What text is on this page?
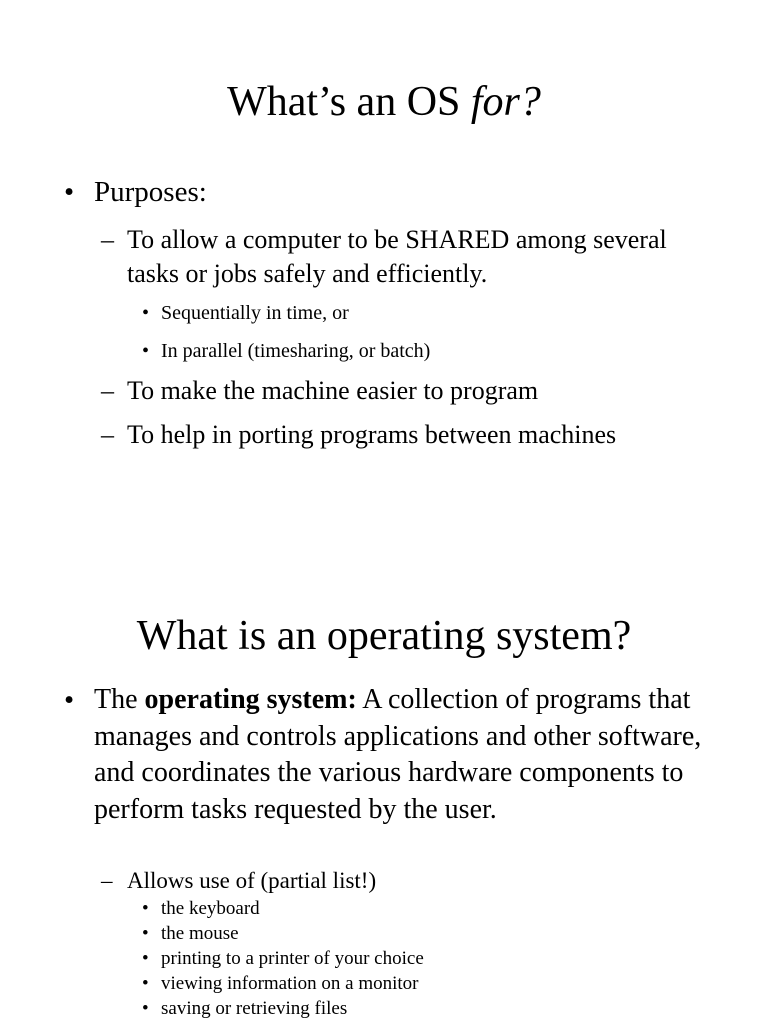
What’s an OS for?
• Purposes:
– To allow a computer to be SHARED among several tasks or jobs safely and efficiently.
• Sequentially in time, or
• In parallel (timesharing, or batch)
– To make the machine easier to program
– To help in porting programs between machines
What is an operating system?
• The operating system: A collection of programs that manages and controls applications and other software, and coordinates the various hardware components to perform tasks requested by the user.
– Allows use of (partial list!)
• the keyboard
• the mouse
• printing to a printer of your choice
• viewing information on a monitor
• saving or retrieving files
